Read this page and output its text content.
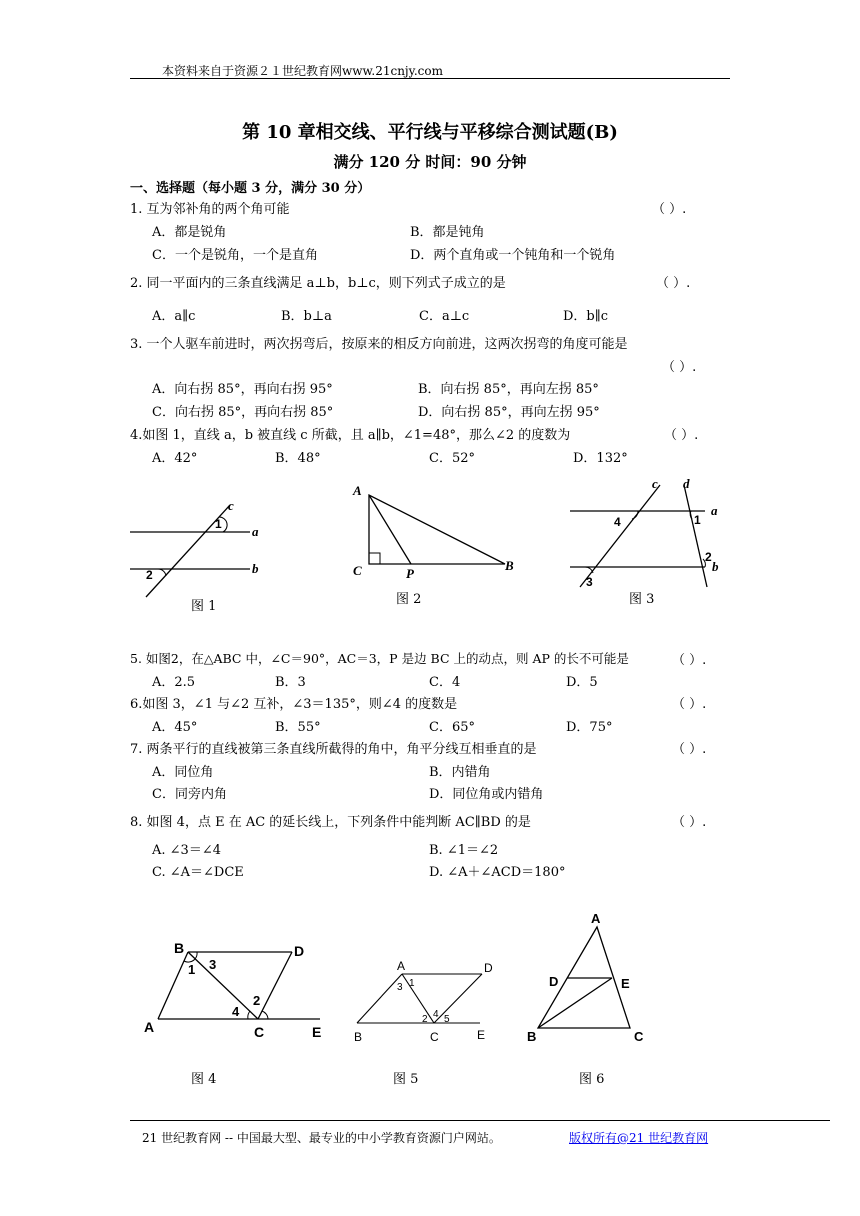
本资料来自于资源２１世纪教育网www.21cnjy.com
第 10 章相交线、平行线与平移综合测试题(B)
满分 120 分 时间：90 分钟
一、选择题（每小题 3 分，满分 30 分）
1. 互为邻补角的两个角可能	（ ）.
A．都是锐角	B．都是钝角
C．一个是锐角，一个是直角	D．两个直角或一个钝角和一个锐角
2. 同一平面内的三条直线满足 a⊥b，b⊥c，则下列式子成立的是	（ ）.
A．a∥c	B．b⊥a	C．a⊥c	D．b∥c
3. 一个人驱车前进时，两次拐弯后，按原来的相反方向前进，这两次拐弯的角度可能是
（ ）.
A．向右拐 85°，再向右拐 95°	B．向右拐 85°，再向左拐 85°
C．向右拐 85°，再向右拐 85°	D．向右拐 85°，再向左拐 95°
4.如图 1，直线 a，b 被直线 c 所截，且 a∥b，∠1=48°，那么∠2 的度数为	（ ）.
A．42°	B．48°	C．52°	D．132°
c
1 a
2	b
图 1
A
C	P
B
图 2
c d
4	1
a
2
b
3
图 3
5. 如图2，在△ABC 中，∠C＝90°，AC＝3，P 是边 BC 上的动点，则 AP 的长不可能是	（ ）.
A．2.5	B．3	C．4	D．5
6.如图 3，∠1 与∠2 互补，∠3＝135°，则∠4 的度数是	（ ）.
A．45°	B．55°	C．65°	D．75°
7. 两条平行的直线被第三条直线所截得的角中，角平分线互相垂直的是	（ ）.
A．同位角	B．内错角
C．同旁内角	D．同位角或内错角
8. 如图 4，点 E 在 AC 的延长线上，下列条件中能判断 AC∥BD 的是	（ ）.
A. ∠3＝∠4	B. ∠1＝∠2
C. ∠A＝∠DCE	D. ∠A＋∠ACD＝180°
B	D
1 3
2
4
A	C	E
图 4
A	D
3 1
2 4 5
B	C	E
图 5
A
D	E
B	C
图 6
21 世纪教育网 -- 中国最大型、最专业的中小学教育资源门户网站。	版权所有@21 世纪教育网
